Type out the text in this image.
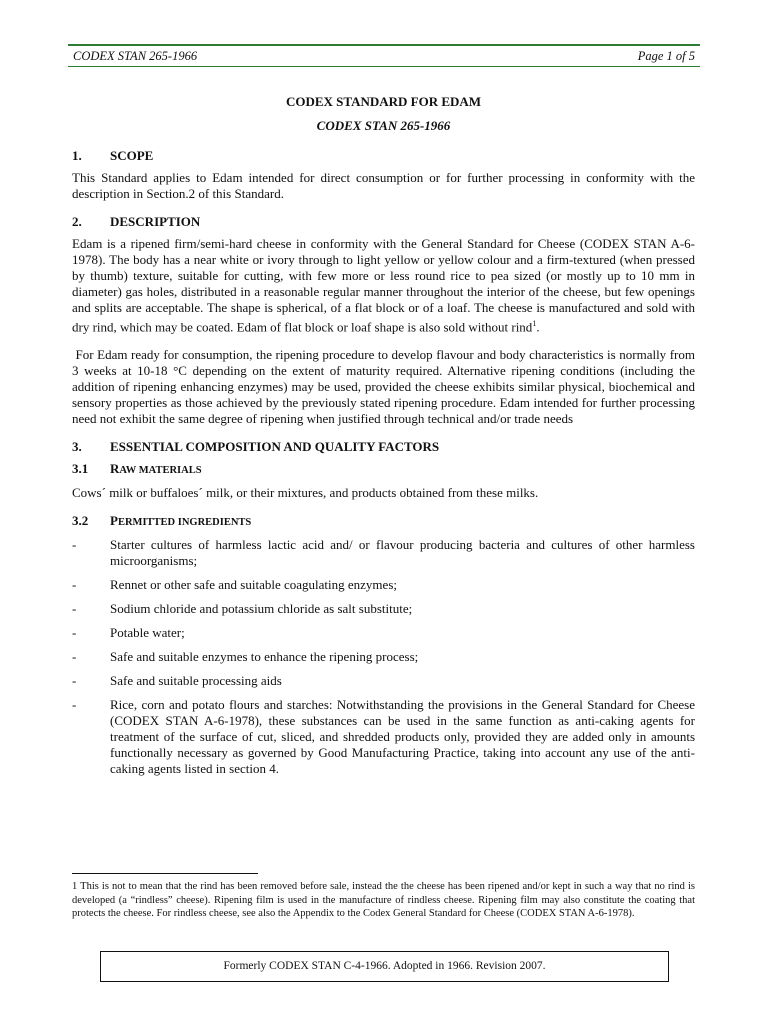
CODEX STAN 265-1966	Page 1 of 5
CODEX STANDARD FOR EDAM
CODEX STAN 265-1966
1.	SCOPE

This Standard applies to Edam intended for direct consumption or for further processing in conformity with the description in Section.2 of this Standard.

2.	DESCRIPTION

Edam is a ripened firm/semi-hard cheese in conformity with the General Standard for Cheese (CODEX STAN A-6-1978). The body has a near white or ivory through to light yellow or yellow colour and a firm-textured (when pressed by thumb) texture, suitable for cutting, with few more or less round rice to pea sized (or mostly up to 10 mm in diameter) gas holes, distributed in a reasonable regular manner throughout the interior of the cheese, but few openings and splits are acceptable. The shape is spherical, of a flat block or of a loaf. The cheese is manufactured and sold with dry rind, which may be coated. Edam of flat block or loaf shape is also sold without rind$^1$.

For Edam ready for consumption, the ripening procedure to develop flavour and body characteristics is normally from 3 weeks at 10-18 °C depending on the extent of maturity required. Alternative ripening conditions (including the addition of ripening enhancing enzymes) may be used, provided the cheese exhibits similar physical, biochemical and sensory properties as those achieved by the previously stated ripening procedure. Edam intended for further processing need not exhibit the same degree of ripening when justified through technical and/or trade needs

3.	ESSENTIAL COMPOSITION AND QUALITY FACTORS
3.1	RAW MATERIALS

Cows´ milk or buffaloes´ milk, or their mixtures, and products obtained from these milks.

3.2	PERMITTED INGREDIENTS
-	Starter cultures of harmless lactic acid and/ or flavour producing bacteria and cultures of other harmless microorganisms;
-	Rennet or other safe and suitable coagulating enzymes;
-	Sodium chloride and potassium chloride as salt substitute;
-	Potable water;
-	Safe and suitable enzymes to enhance the ripening process;
-	Safe and suitable processing aids
-	Rice, corn and potato flours and starches: Notwithstanding the provisions in the General Standard for Cheese (CODEX STAN A-6-1978), these substances can be used in the same function as anti-caking agents for treatment of the surface of cut, sliced, and shredded products only, provided they are added only in amounts functionally necessary as governed by Good Manufacturing Practice, taking into account any use of the anti-caking agents listed in section 4.
1 This is not to mean that the rind has been removed before sale, instead the the cheese has been ripened and/or kept in such a way that no rind is developed (a “rindless” cheese). Ripening film is used in the manufacture of rindless cheese. Ripening film may also constitute the coating that protects the cheese. For rindless cheese, see also the Appendix to the Codex General Standard for Cheese (CODEX STAN A-6-1978).
Formerly CODEX STAN C-4-1966. Adopted in 1966. Revision 2007.
